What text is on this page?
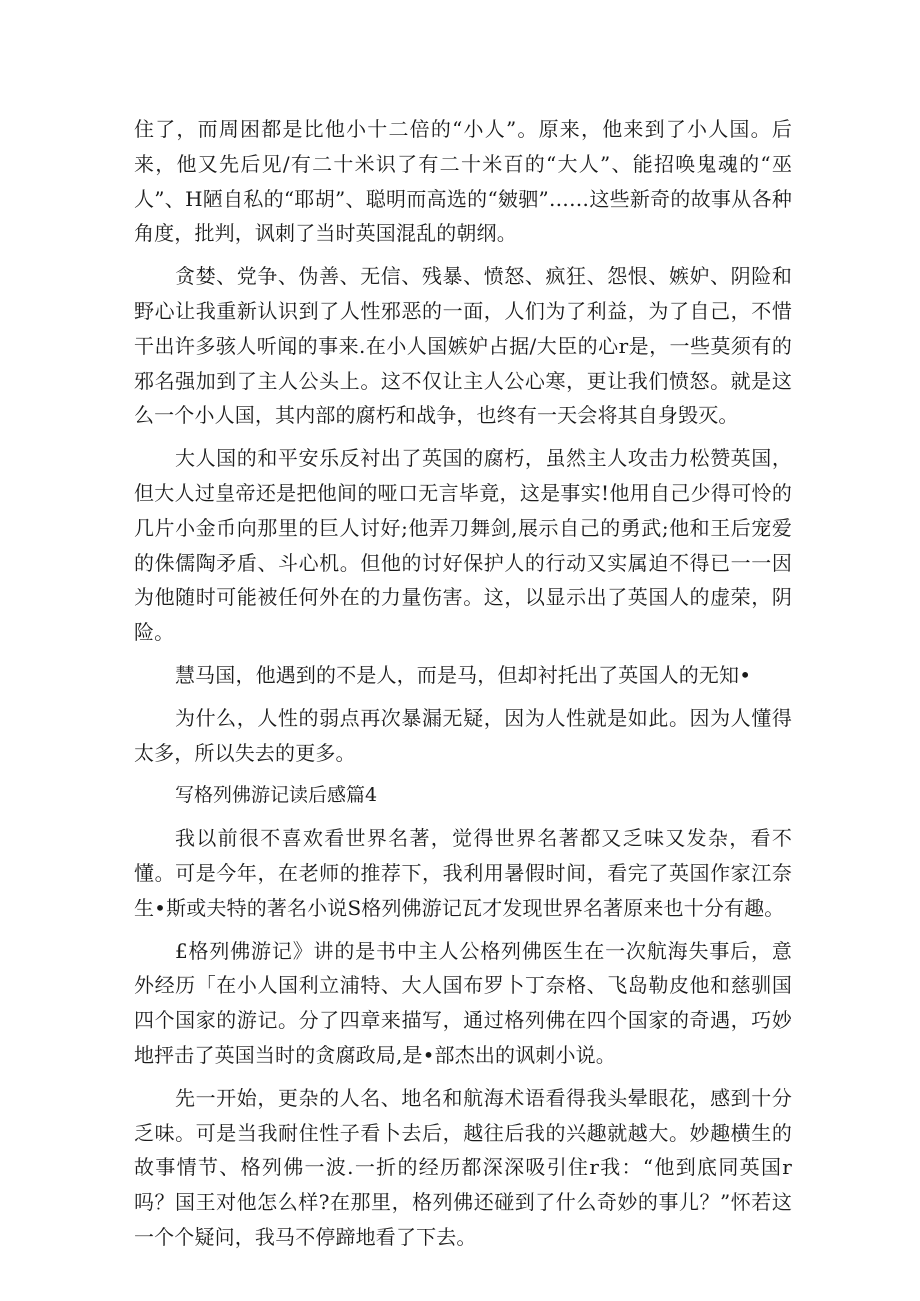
住了，而周困都是比他小十二倍的“小人”。原来，他来到了小人国。后来，他又先后见/有二十米识了有二十米百的“大人”、能招唤鬼魂的“巫人”、H陋自私的“耶胡”、聪明而高选的“皴驷”……这些新奇的故事从各种角度，批判，讽刺了当时英国混乱的朝纲。

贪婪、党争、伪善、无信、残暴、愤怒、疯狂、怨恨、嫉妒、阴险和野心让我重新认识到了人性邪恶的一面，人们为了利益，为了自己，不惜干出许多骇人听闻的事来.在小人国嫉妒占据/大臣的心r是，一些莫须有的邪名强加到了主人公头上。这不仅让主人公心寒，更让我们愤怒。就是这么一个小人国，其内部的腐朽和战争，也终有一天会将其自身毁灭。

大人国的和平安乐反衬出了英国的腐朽，虽然主人攻击力松赞英国，但大人过皇帝还是把他间的哑口无言毕竟，这是事实!他用自己少得可怜的几片小金币向那里的巨人讨好;他弄刀舞剑,展示自己的勇武;他和王后宠爱的侏儒陶矛盾、斗心机。但他的讨好保护人的行动又实属迫不得已一一因为他随时可能被任何外在的力量伤害。这，以显示出了英国人的虚荣，阴险。

慧马国，他遇到的不是人，而是马，但却衬托出了英国人的无知•

为什么，人性的弱点再次暴漏无疑，因为人性就是如此。因为人懂得太多，所以失去的更多。

写格列佛游记读后感篇4

我以前很不喜欢看世界名著，觉得世界名著都又乏味又发杂，看不懂。可是今年，在老师的推荐下，我利用暑假时间，看完了英国作家江奈生•斯或夫特的著名小说S格列佛游记瓦才发现世界名著原来也十分有趣。

£格列佛游记》讲的是书中主人公格列佛医生在一次航海失事后，意外经历「在小人国利立浦特、大人国布罗卜丁奈格、飞岛勒皮他和慈驯国四个国家的游记。分了四章来描写，通过格列佛在四个国家的奇遇，巧妙地抨击了英国当时的贪腐政局,是•部杰出的讽刺小说。

先一开始，更杂的人名、地名和航海术语看得我头晕眼花，感到十分乏味。可是当我耐住性子看卜去后，越往后我的兴趣就越大。妙趣横生的故事情节、格列佛一波.一折的经历都深深吸引住r我：“他到底同英国r吗？国王对他怎么样?在那里，格列佛还碰到了什么奇妙的事儿？”怀若这一个个疑问，我马不停蹄地看了下去。
